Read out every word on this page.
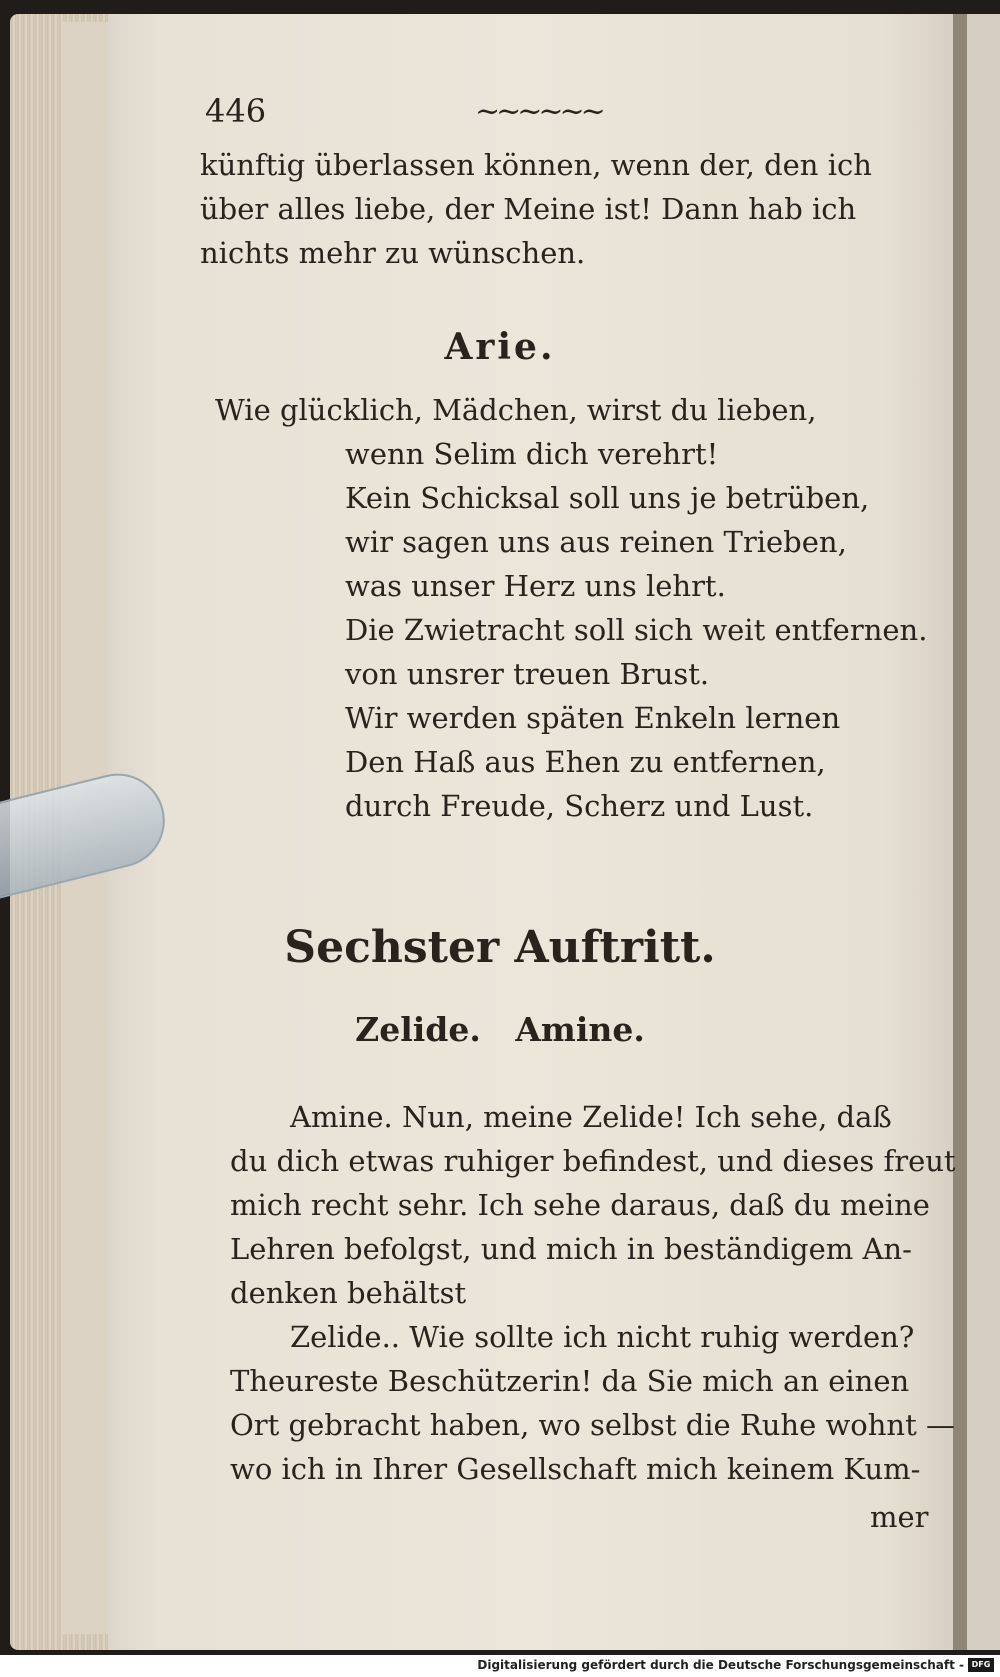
446	~~~~~~
künftig überlassen können, wenn der, den ich
über alles liebe, der Meine ist! Dann hab ich
nichts mehr zu wünschen.
Arie.
Wie glücklich, Mädchen, wirst du lieben,
wenn Selim dich verehrt!
Kein Schicksal soll uns je betrüben,
wir sagen uns aus reinen Trieben,
was unser Herz uns lehrt.
Die Zwietracht soll sich weit entfernen.
von unsrer treuen Brust.
Wir werden späten Enkeln lernen
Den Haß aus Ehen zu entfernen,
durch Freude, Scherz und Lust.
Sechster Auftritt.
Zelide.   Amine.
Amine. Nun, meine Zelide! Ich sehe, daß
du dich etwas ruhiger befindest, und dieses freut
mich recht sehr. Ich sehe daraus, daß du meine
Lehren befolgst, und mich in beständigem An-
denken behältst
Zelide.. Wie sollte ich nicht ruhig werden?
Theureste Beschützerin! da Sie mich an einen
Ort gebracht haben, wo selbst die Ruhe wohnt —
wo ich in Ihrer Gesellschaft mich keinem Kum-
mer
Digitalisierung gefördert durch die Deutsche Forschungsgemeinschaft - DFG
